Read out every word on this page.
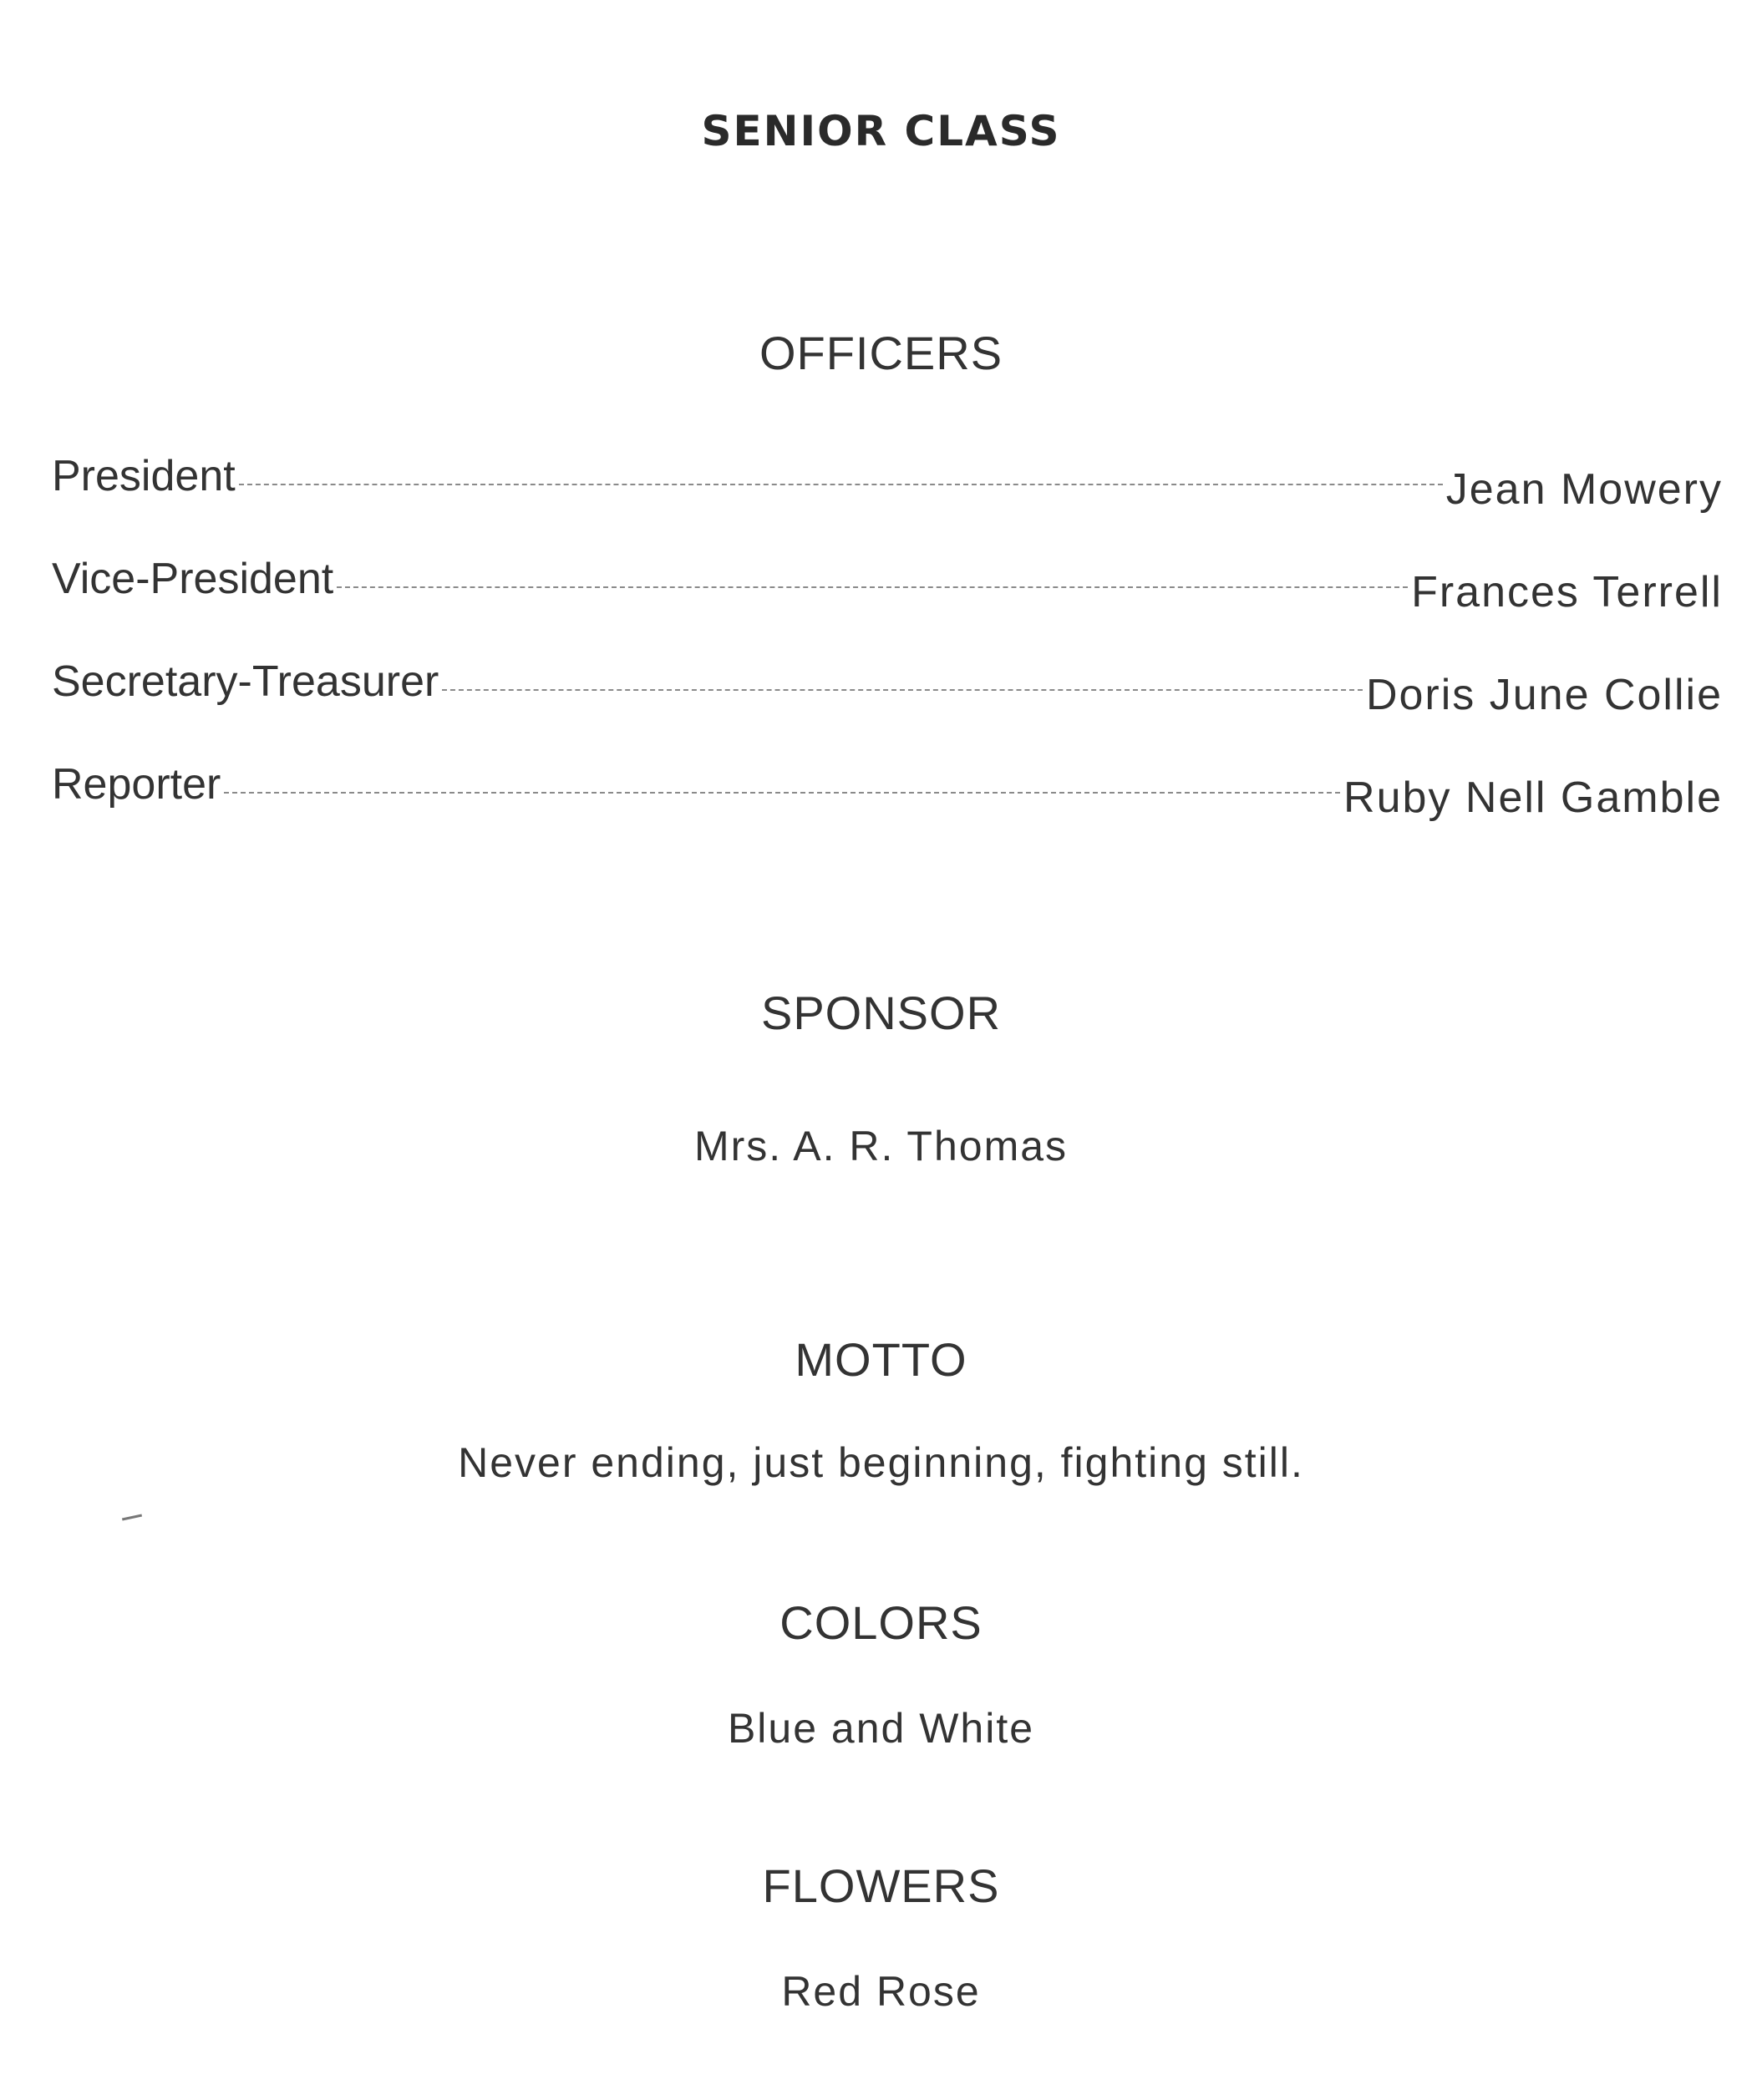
SENIOR CLASS
OFFICERS
President	Jean Mowery
Vice-President	Frances Terrell
Secretary-Treasurer	Doris June Collie
Reporter	Ruby Nell Gamble
SPONSOR
Mrs. A. R. Thomas
MOTTO
Never ending, just beginning, fighting still.
COLORS
Blue and White
FLOWERS
Red Rose
